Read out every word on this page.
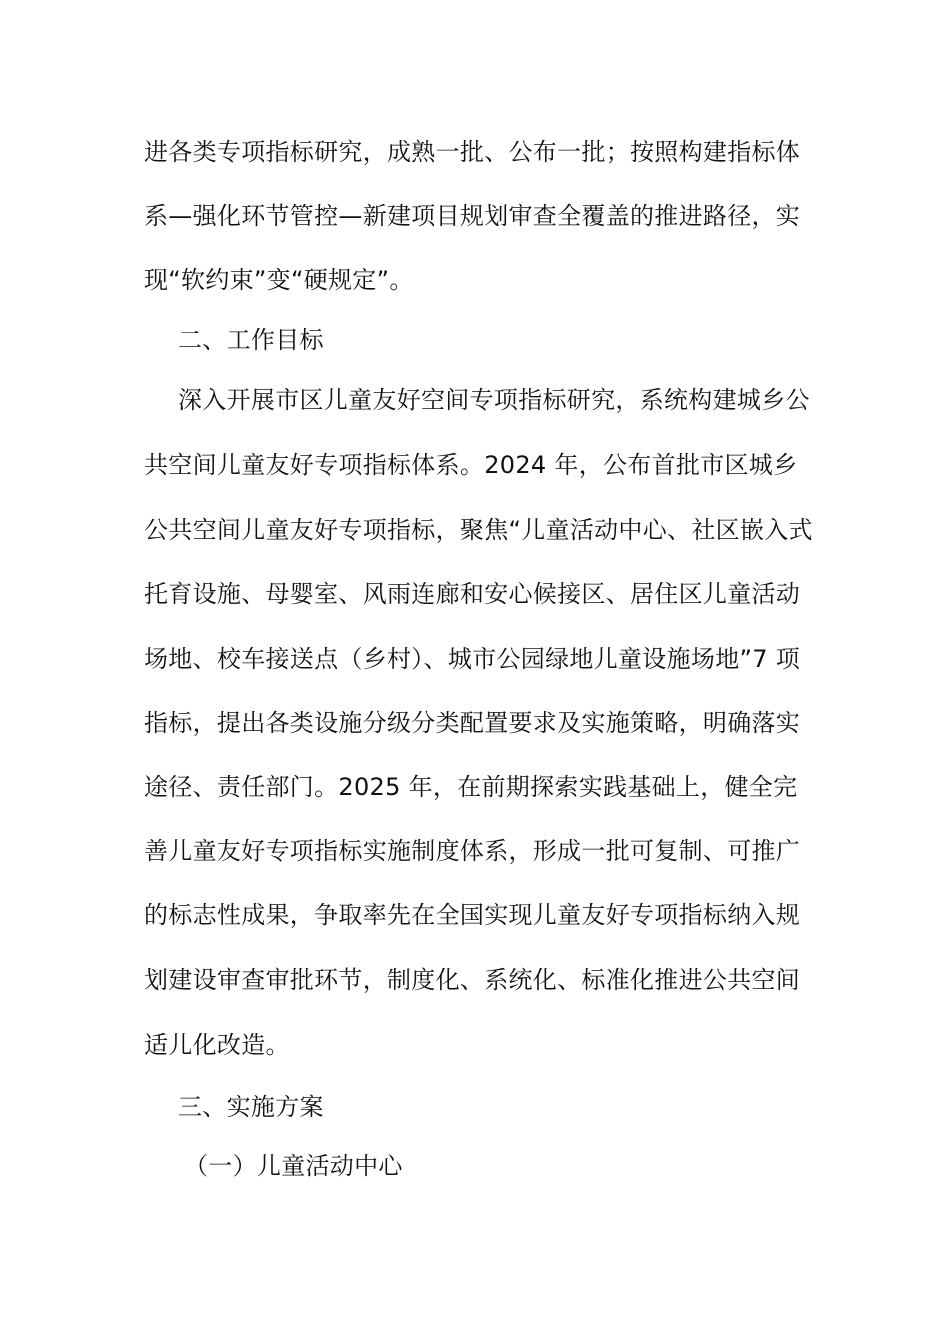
进各类专项指标研究，成熟一批、公布一批；按照构建指标体
系—强化环节管控—新建项目规划审查全覆盖的推进路径，实
现“软约束”变“硬规定”。
二、工作目标
深入开展市区儿童友好空间专项指标研究，系统构建城乡公
共空间儿童友好专项指标体系。2024 年，公布首批市区城乡
公共空间儿童友好专项指标，聚焦“儿童活动中心、社区嵌入式
托育设施、母婴室、风雨连廊和安心候接区、居住区儿童活动
场地、校车接送点（乡村）、城市公园绿地儿童设施场地”7 项
指标，提出各类设施分级分类配置要求及实施策略，明确落实
途径、责任部门。2025 年，在前期探索实践基础上，健全完
善儿童友好专项指标实施制度体系，形成一批可复制、可推广
的标志性成果，争取率先在全国实现儿童友好专项指标纳入规
划建设审查审批环节，制度化、系统化、标准化推进公共空间
适儿化改造。
三、实施方案
（一）儿童活动中心
